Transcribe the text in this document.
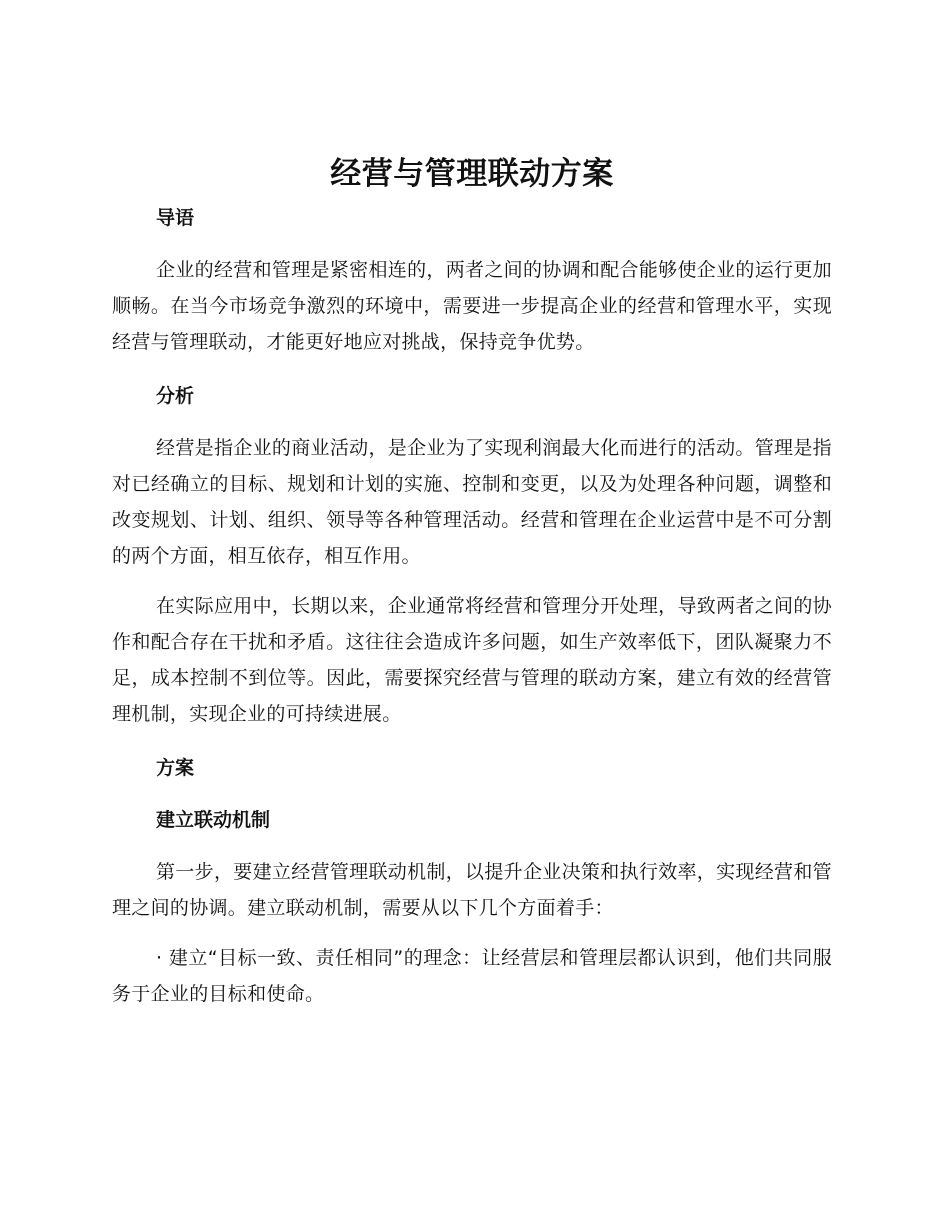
经营与管理联动方案
导语

企业的经营和管理是紧密相连的，两者之间的协调和配合能够使企业的运行更加顺畅。在当今市场竞争激烈的环境中，需要进一步提高企业的经营和管理水平，实现经营与管理联动，才能更好地应对挑战，保持竞争优势。

分析

经营是指企业的商业活动，是企业为了实现利润最大化而进行的活动。管理是指对已经确立的目标、规划和计划的实施、控制和变更，以及为处理各种问题，调整和改变规划、计划、组织、领导等各种管理活动。经营和管理在企业运营中是不可分割的两个方面，相互依存，相互作用。

在实际应用中，长期以来，企业通常将经营和管理分开处理，导致两者之间的协作和配合存在干扰和矛盾。这往往会造成许多问题，如生产效率低下，团队凝聚力不足，成本控制不到位等。因此，需要探究经营与管理的联动方案，建立有效的经营管理机制，实现企业的可持续进展。

方案
建立联动机制

第一步，要建立经营管理联动机制，以提升企业决策和执行效率，实现经营和管理之间的协调。建立联动机制，需要从以下几个方面着手：

· 建立“目标一致、责任相同”的理念：让经营层和管理层都认识到，他们共同服务于企业的目标和使命。
